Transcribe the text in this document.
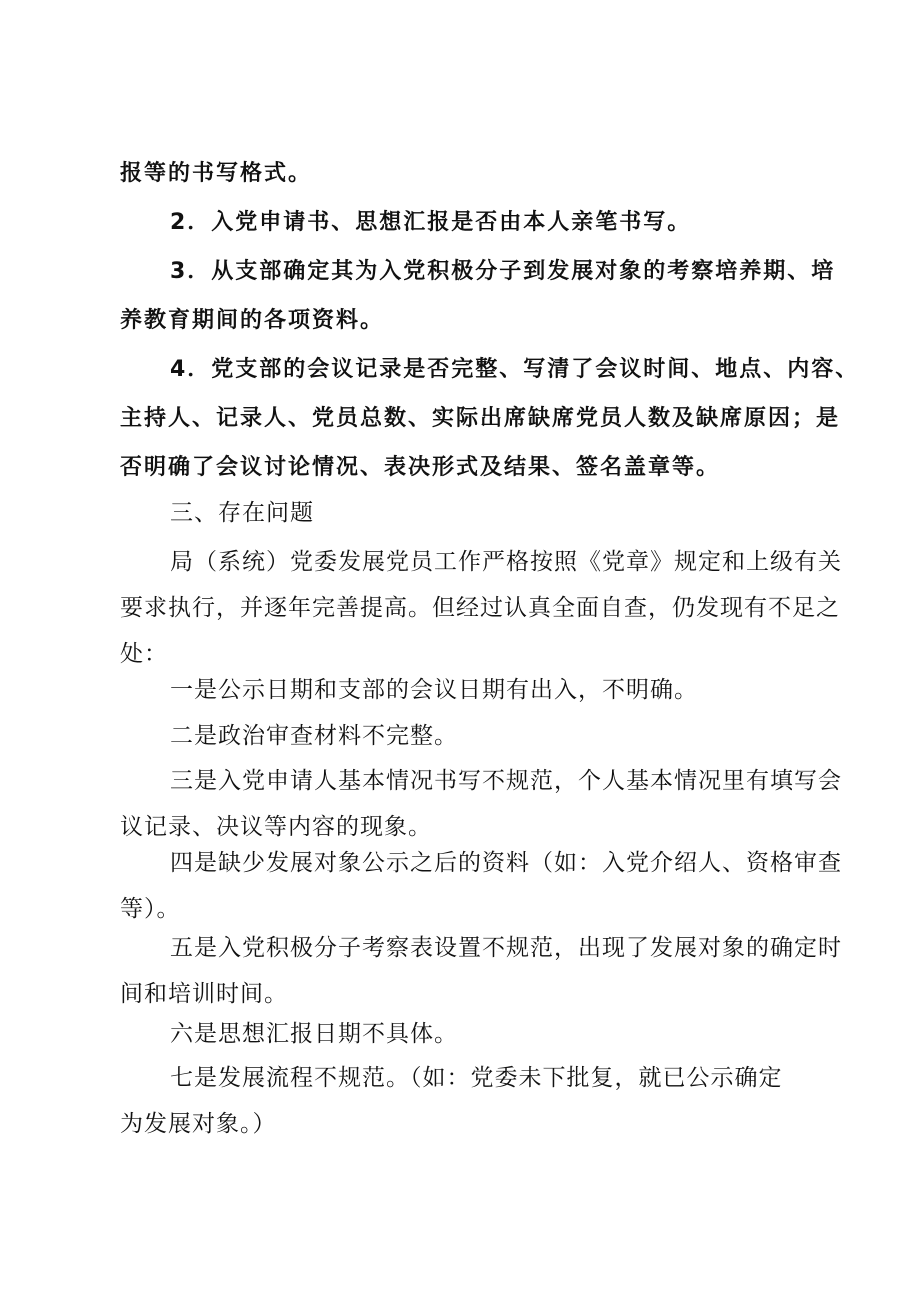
报等的书写格式。

2．入党申请书、思想汇报是否由本人亲笔书写。

3．从支部确定其为入党积极分子到发展对象的考察培养期、培
养教育期间的各项资料。

4．党支部的会议记录是否完整、写清了会议时间、地点、内容、
主持人、记录人、党员总数、实际出席缺席党员人数及缺席原因；是
否明确了会议讨论情况、表决形式及结果、签名盖章等。

三、存在问题

局（系统）党委发展党员工作严格按照《党章》规定和上级有关
要求执行，并逐年完善提高。但经过认真全面自查，仍发现有不足之
处：

一是公示日期和支部的会议日期有出入，不明确。

二是政治审查材料不完整。

三是入党申请人基本情况书写不规范，个人基本情况里有填写会
议记录、决议等内容的现象。

四是缺少发展对象公示之后的资料（如：入党介绍人、资格审查
等）。

五是入党积极分子考察表设置不规范，出现了发展对象的确定时
间和培训时间。

六是思想汇报日期不具体。

七是发展流程不规范。（如：党委未下批复，就已公示确定
为发展对象。）
